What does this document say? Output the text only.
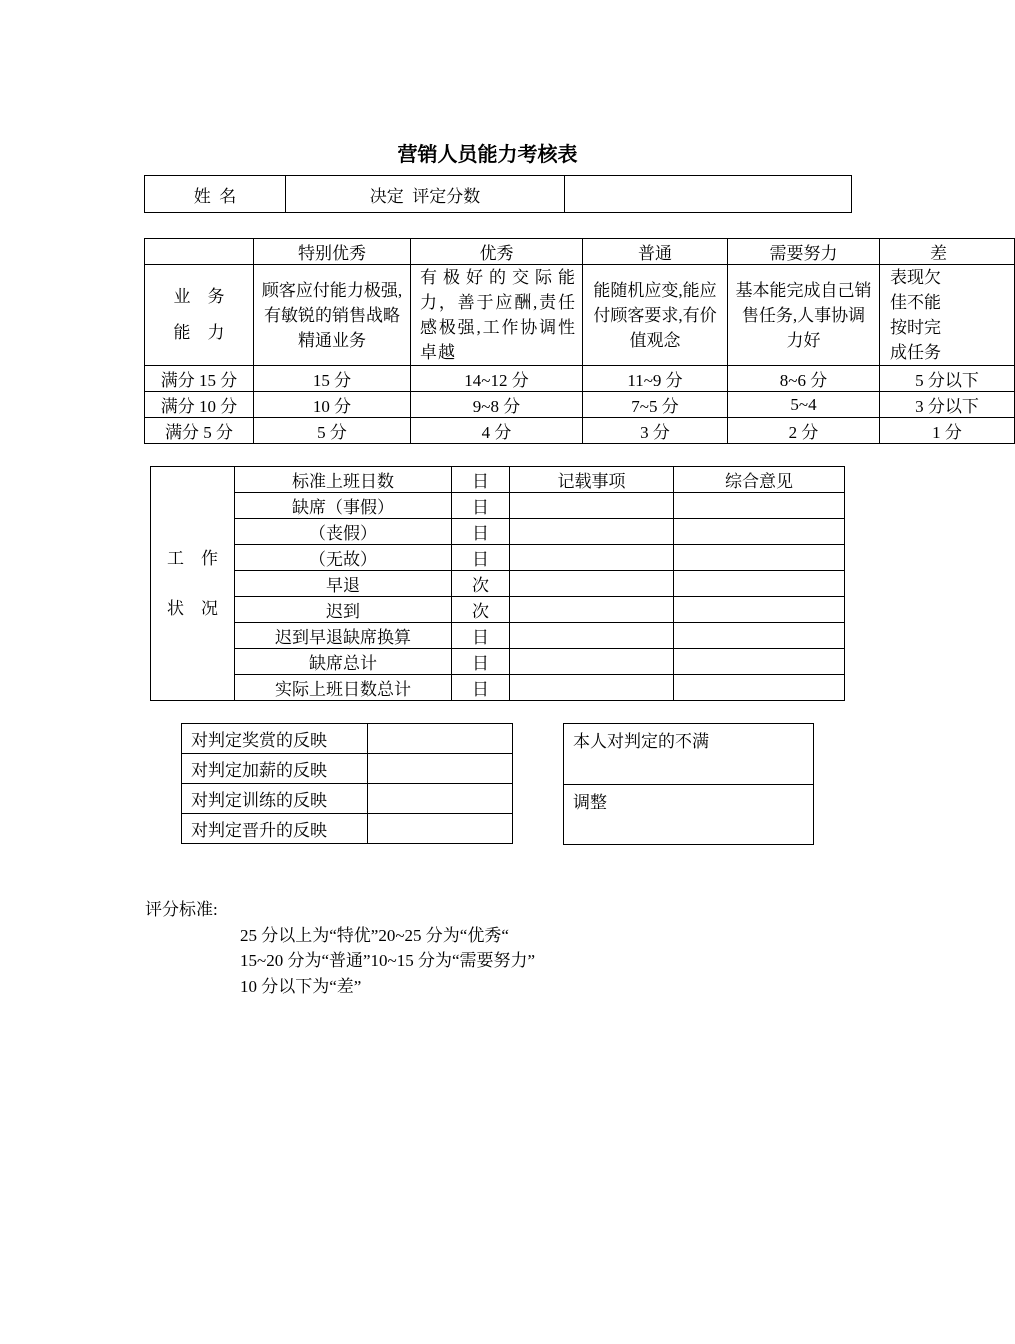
营销人员能力考核表
姓  名	决定  评定分数	
	特别优秀	优秀	普通	需要努力	差

业    务
能    力	顾客应付能力极强,有敏锐的销售战略精通业务	有极好的交际能力，善于应酬,责任感极强,工作协调性卓越	能随机应变,能应付顾客要求,有价值观念	基本能完成自己销售任务,人事协调力好	表现欠佳不能按时完成任务
满分 15 分	15 分	14~12 分	11~9 分	8~6 分	5 分以下
满分 10 分	10 分	9~8 分	7~5 分	5~4	3 分以下
满分 5 分	5 分	4 分	3 分	2 分	1 分
工    作
状    况	标准上班日数	日	记载事项	综合意见
	缺席（事假）	日		
	（丧假）	日		
	（无故）	日		
	早退	次		
	迟到	次		
	迟到早退缺席换算	日		
	缺席总计	日		
	实际上班日数总计	日		
对判定奖赏的反映	
对判定加薪的反映	
对判定训练的反映	
对判定晋升的反映	
本人对判定的不满
调整
评分标准:
25 分以上为“特优”20~25 分为“优秀“
15~20 分为“普通”10~15 分为“需要努力”
10 分以下为“差”
